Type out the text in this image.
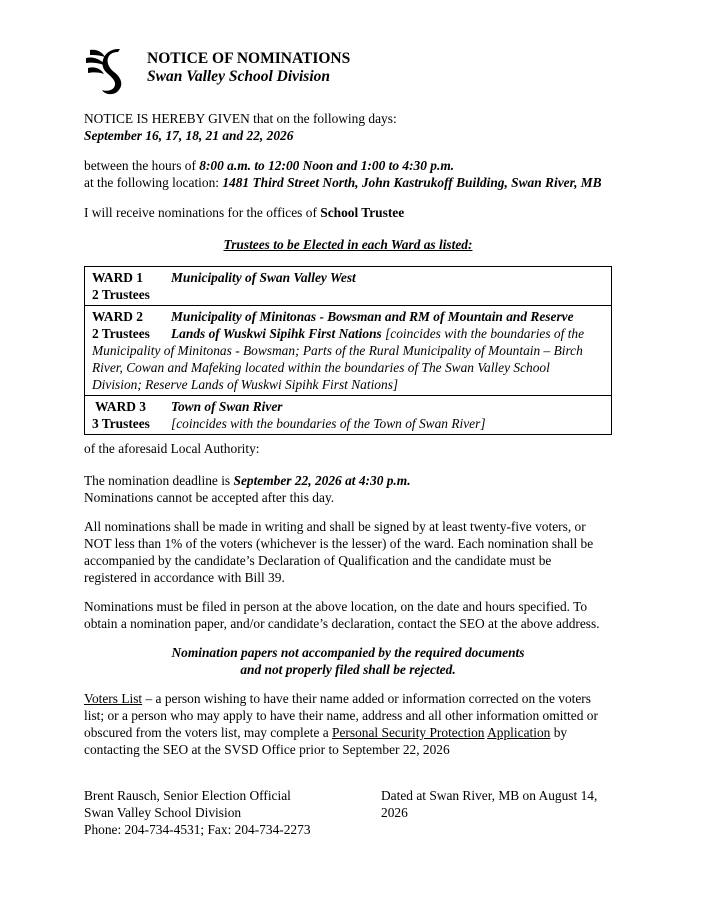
NOTICE OF NOMINATIONS
Swan Valley School Division
NOTICE IS HEREBY GIVEN that on the following days:
September 16, 17, 18, 21 and 22, 2026
between the hours of 8:00 a.m. to 12:00 Noon and 1:00 to 4:30 p.m.
at the following location: 1481 Third Street North, John Kastrukoff Building, Swan River, MB
I will receive nominations for the offices of School Trustee
Trustees to be Elected in each Ward as listed:
WARD 1 Municipality of Swan Valley West
2 Trustees
WARD 2 Municipality of Minitonas - Bowsman and RM of Mountain and Reserve
2 Trustees Lands of Wuskwi Sipihk First Nations [coincides with the boundaries of the
Municipality of Minitonas - Bowsman; Parts of the Rural Municipality of Mountain – Birch
River, Cowan and Mafeking located within the boundaries of The Swan Valley School
Division; Reserve Lands of Wuskwi Sipihk First Nations]
WARD 3 Town of Swan River
3 Trustees [coincides with the boundaries of the Town of Swan River]
of the aforesaid Local Authority:
The nomination deadline is September 22, 2026 at 4:30 p.m.
Nominations cannot be accepted after this day.
All nominations shall be made in writing and shall be signed by at least twenty-five voters, or
NOT less than 1% of the voters (whichever is the lesser) of the ward. Each nomination shall be
accompanied by the candidate’s Declaration of Qualification and the candidate must be
registered in accordance with Bill 39.
Nominations must be filed in person at the above location, on the date and hours specified. To
obtain a nomination paper, and/or candidate’s declaration, contact the SEO at the above address.
Nomination papers not accompanied by the required documents
and not properly filed shall be rejected.
Voters List – a person wishing to have their name added or information corrected on the voters
list; or a person who may apply to have their name, address and all other information omitted or
obscured from the voters list, may complete a Personal Security Protection Application by
contacting the SEO at the SVSD Office prior to September 22, 2026
Brent Rausch, Senior Election Official
Swan Valley School Division
Phone: 204-734-4531; Fax: 204-734-2273
Dated at Swan River, MB on August 14, 2026
